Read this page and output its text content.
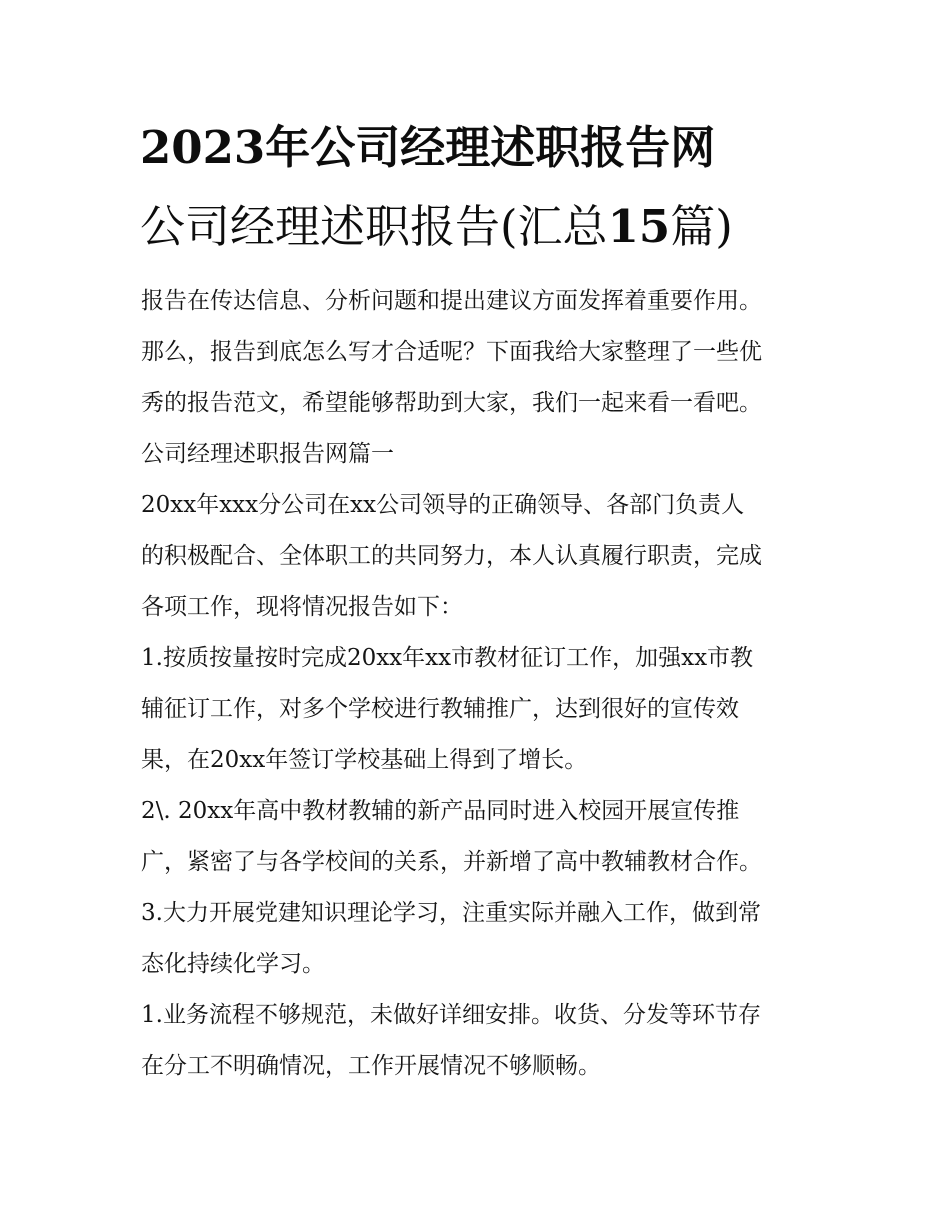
2023年公司经理述职报告网
公司经理述职报告(汇总15篇)

报告在传达信息、分析问题和提出建议方面发挥着重要作用。

那么，报告到底怎么写才合适呢？下面我给大家整理了一些优

秀的报告范文，希望能够帮助到大家，我们一起来看一看吧。

公司经理述职报告网篇一

20xx年xxx分公司在xx公司领导的正确领导、各部门负责人

的积极配合、全体职工的共同努力，本人认真履行职责，完成

各项工作，现将情况报告如下：

1.按质按量按时完成20xx年xx市教材征订工作，加强xx市教

辅征订工作，对多个学校进行教辅推广，达到很好的宣传效

果，在20xx年签订学校基础上得到了增长。

2\. 20xx年高中教材教辅的新产品同时进入校园开展宣传推

广，紧密了与各学校间的关系，并新增了高中教辅教材合作。

3.大力开展党建知识理论学习，注重实际并融入工作，做到常

态化持续化学习。

1.业务流程不够规范，未做好详细安排。收货、分发等环节存

在分工不明确情况，工作开展情况不够顺畅。
